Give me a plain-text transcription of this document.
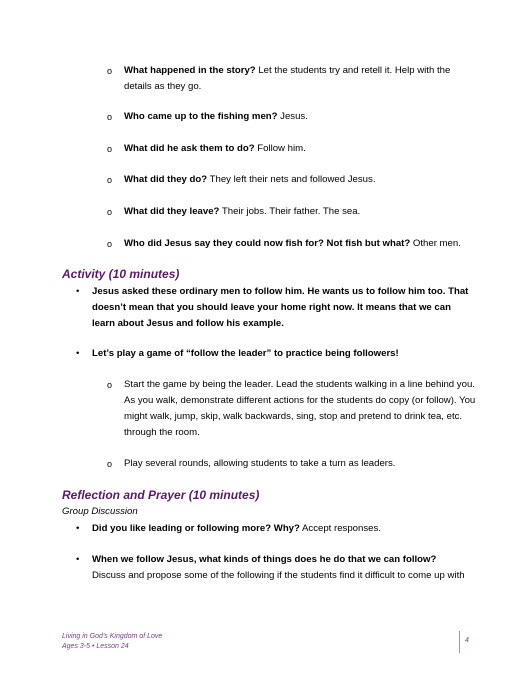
o What happened in the story? Let the students try and retell it. Help with the details as they go.
o Who came up to the fishing men? Jesus.
o What did he ask them to do? Follow him.
o What did they do? They left their nets and followed Jesus.
o What did they leave? Their jobs. Their father. The sea.
o Who did Jesus say they could now fish for? Not fish but what? Other men.
Activity (10 minutes)
• Jesus asked these ordinary men to follow him. He wants us to follow him too. That doesn’t mean that you should leave your home right now. It means that we can learn about Jesus and follow his example.
• Let’s play a game of “follow the leader” to practice being followers!
o Start the game by being the leader. Lead the students walking in a line behind you. As you walk, demonstrate different actions for the students do copy (or follow). You might walk, jump, skip, walk backwards, sing, stop and pretend to drink tea, etc. through the room.
o Play several rounds, allowing students to take a turn as leaders.
Reflection and Prayer (10 minutes)
Group Discussion
• Did you like leading or following more? Why? Accept responses.
• When we follow Jesus, what kinds of things does he do that we can follow?
Discuss and propose some of the following if the students find it difficult to come up with
Living in God’s Kingdom of Love
Ages 3-5 • Lesson 24
4
